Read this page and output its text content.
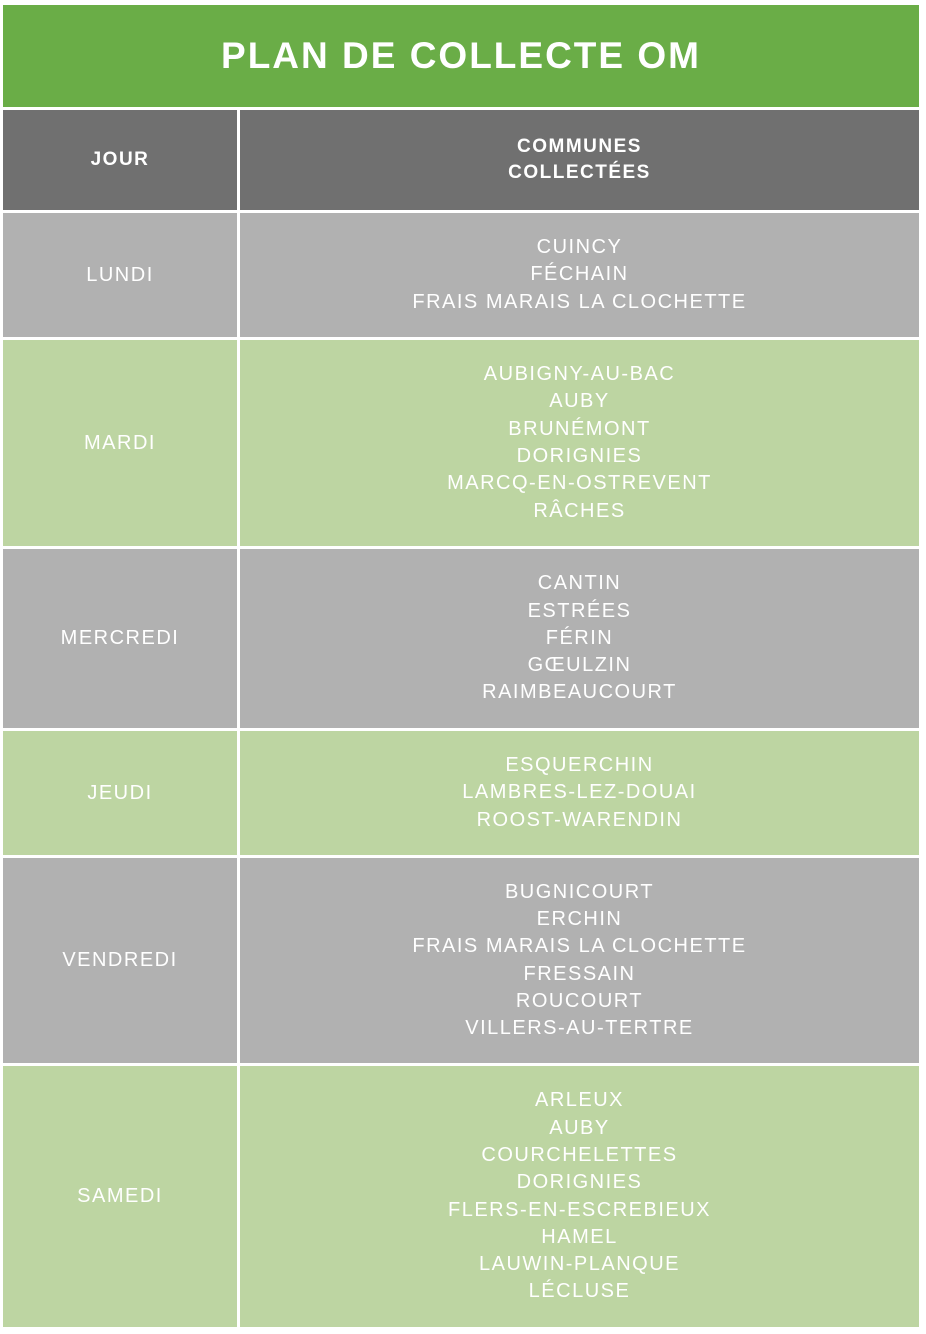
PLAN DE COLLECTE OM
JOUR
COMMUNES
COLLECTÉES
LUNDI
CUINCY
FÉCHAIN
FRAIS MARAIS LA CLOCHETTE
MARDI
AUBIGNY-AU-BAC
AUBY
BRUNÉMONT
DORIGNIES
MARCQ-EN-OSTREVENT
RÂCHES
MERCREDI
CANTIN
ESTRÉES
FÉRIN
GŒULZIN
RAIMBEAUCOURT
JEUDI
ESQUERCHIN
LAMBRES-LEZ-DOUAI
ROOST-WARENDIN
VENDREDI
BUGNICOURT
ERCHIN
FRAIS MARAIS LA CLOCHETTE
FRESSAIN
ROUCOURT
VILLERS-AU-TERTRE
SAMEDI
ARLEUX
AUBY
COURCHELETTES
DORIGNIES
FLERS-EN-ESCREBIEUX
HAMEL
LAUWIN-PLANQUE
LÉCLUSE
